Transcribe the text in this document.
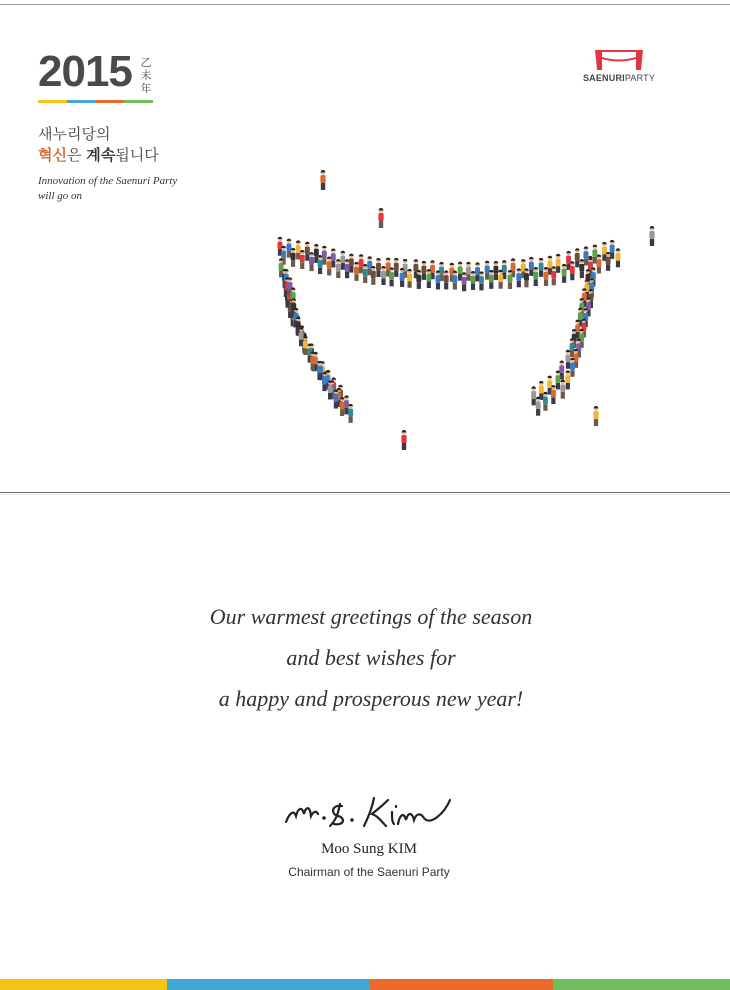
2015 乙
未
年
새누리당의
혁신은 계속됩니다
Innovation of the Saenuri Party
will go on
SAENURIPARTY
Our warmest greetings of the season
and best wishes for
a happy and prosperous new year!
Moo Sung KIM
Chairman of the Saenuri Party
